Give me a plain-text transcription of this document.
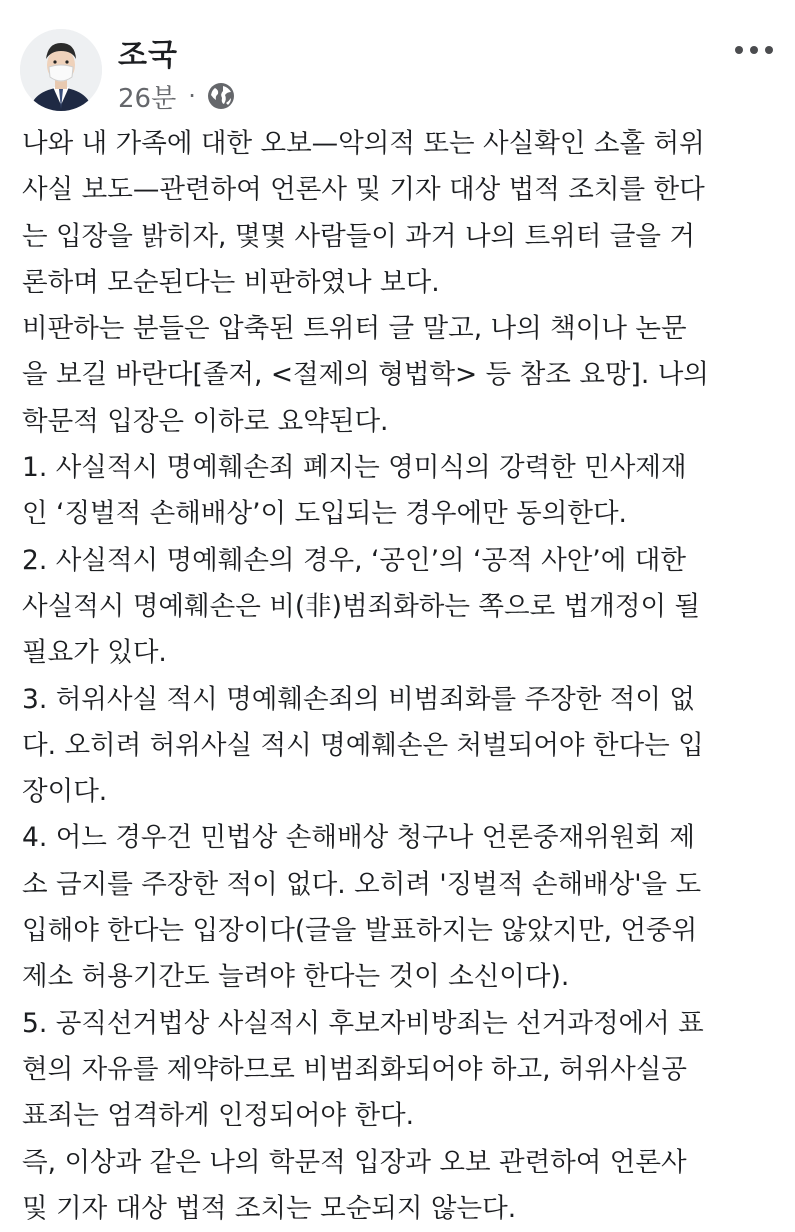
조국
26분 ·
나와 내 가족에 대한 오보—악의적 또는 사실확인 소홀 허위
사실 보도—관련하여 언론사 및 기자 대상 법적 조치를 한다
는 입장을 밝히자, 몇몇 사람들이 과거 나의 트위터 글을 거
론하며 모순된다는 비판하였나 보다.
비판하는 분들은 압축된 트위터 글 말고, 나의 책이나 논문
을 보길 바란다[졸저, <절제의 형법학> 등 참조 요망]. 나의
학문적 입장은 이하로 요약된다.
1. 사실적시 명예훼손죄 폐지는 영미식의 강력한 민사제재
인 ‘징벌적 손해배상’이 도입되는 경우에만 동의한다.
2. 사실적시 명예훼손의 경우, ‘공인’의 ‘공적 사안’에 대한
사실적시 명예훼손은 비(非)범죄화하는 쪽으로 법개정이 될
필요가 있다.
3. 허위사실 적시 명예훼손죄의 비범죄화를 주장한 적이 없
다. 오히려 허위사실 적시 명예훼손은 처벌되어야 한다는 입
장이다.
4. 어느 경우건 민법상 손해배상 청구나 언론중재위원회 제
소 금지를 주장한 적이 없다. 오히려 '징벌적 손해배상'을 도
입해야 한다는 입장이다(글을 발표하지는 않았지만, 언중위
제소 허용기간도 늘려야 한다는 것이 소신이다).
5. 공직선거법상 사실적시 후보자비방죄는 선거과정에서 표
현의 자유를 제약하므로 비범죄화되어야 하고, 허위사실공
표죄는 엄격하게 인정되어야 한다.
즉, 이상과 같은 나의 학문적 입장과 오보 관련하여 언론사
및 기자 대상 법적 조치는 모순되지 않는다.
